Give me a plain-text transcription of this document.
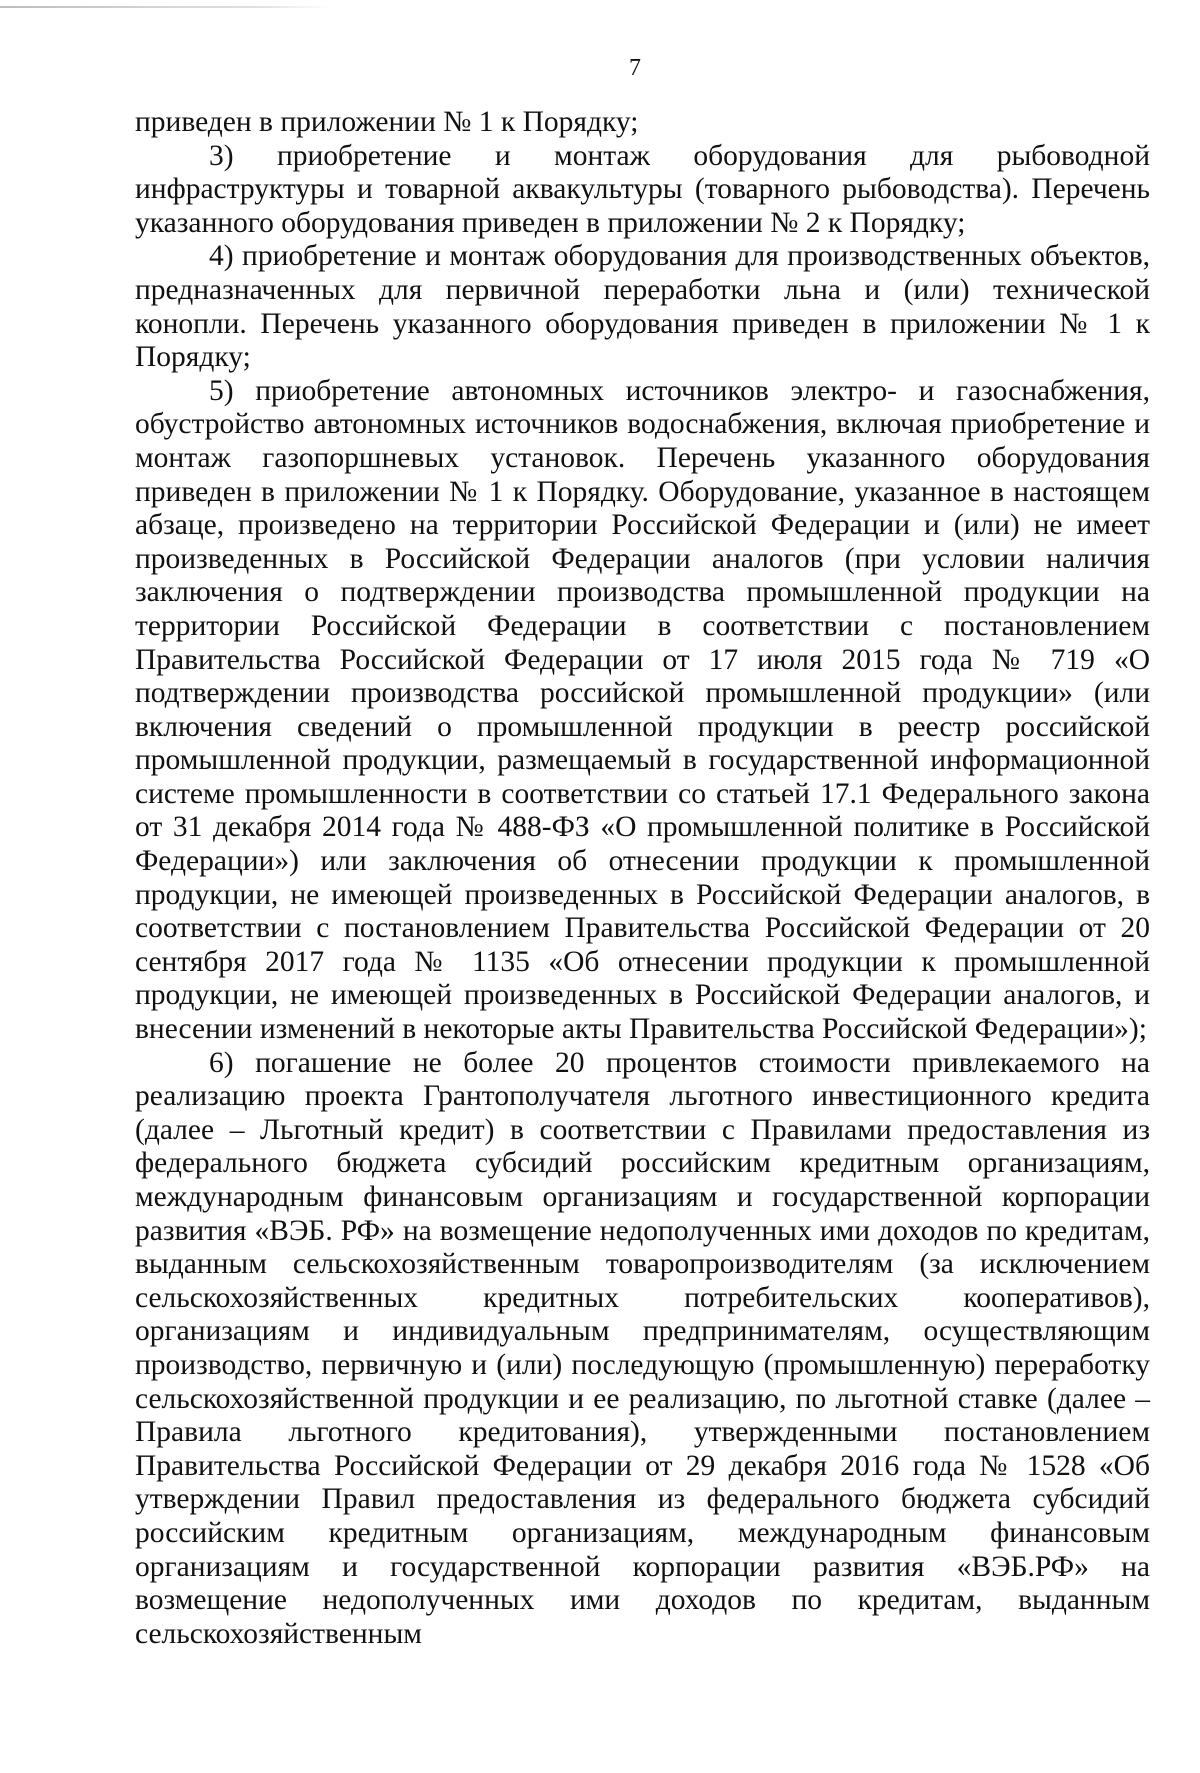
7

приведен в приложении № 1 к Порядку;

3) приобретение и монтаж оборудования для рыбоводной инфраструктуры и товарной аквакультуры (товарного рыбоводства). Перечень указанного оборудования приведен в приложении № 2 к Порядку;

4) приобретение и монтаж оборудования для производственных объектов, предназначенных для первичной переработки льна и (или) технической конопли. Перечень указанного оборудования приведен в приложении № 1 к Порядку;

5) приобретение автономных источников электро- и газоснабжения, обустройство автономных источников водоснабжения, включая приобретение и монтаж газопоршневых установок. Перечень указанного оборудования приведен в приложении № 1 к Порядку. Оборудование, указанное в настоящем абзаце, произведено на территории Российской Федерации и (или) не имеет произведенных в Российской Федерации аналогов (при условии наличия заключения о подтверждении производства промышленной продукции на территории Российской Федерации в соответствии с постановлением Правительства Российской Федерации от 17 июля 2015 года № 719 «О подтверждении производства российской промышленной продукции» (или включения сведений о промышленной продукции в реестр российской промышленной продукции, размещаемый в государственной информационной системе промышленности в соответствии со статьей 17.1 Федерального закона от 31 декабря 2014 года № 488-ФЗ «О промышленной политике в Российской Федерации») или заключения об отнесении продукции к промышленной продукции, не имеющей произведенных в Российской Федерации аналогов, в соответствии с постановлением Правительства Российской Федерации от 20 сентября 2017 года № 1135 «Об отнесении продукции к промышленной продукции, не имеющей произведенных в Российской Федерации аналогов, и внесении изменений в некоторые акты Правительства Российской Федерации»);

6) погашение не более 20 процентов стоимости привлекаемого на реализацию проекта Грантополучателя льготного инвестиционного кредита (далее – Льготный кредит) в соответствии с Правилами предоставления из федерального бюджета субсидий российским кредитным организациям, международным финансовым организациям и государственной корпорации развития «ВЭБ. РФ» на возмещение недополученных ими доходов по кредитам, выданным сельскохозяйственным товаропроизводителям (за исключением сельскохозяйственных кредитных потребительских кооперативов), организациям и индивидуальным предпринимателям, осуществляющим производство, первичную и (или) последующую (промышленную) переработку сельскохозяйственной продукции и ее реализацию, по льготной ставке (далее – Правила льготного кредитования), утвержденными постановлением Правительства Российской Федерации от 29 декабря 2016 года № 1528 «Об утверждении Правил предоставления из федерального бюджета субсидий российским кредитным организациям, международным финансовым организациям и государственной корпорации развития «ВЭБ.РФ» на возмещение недополученных ими доходов по кредитам, выданным сельскохозяйственным
